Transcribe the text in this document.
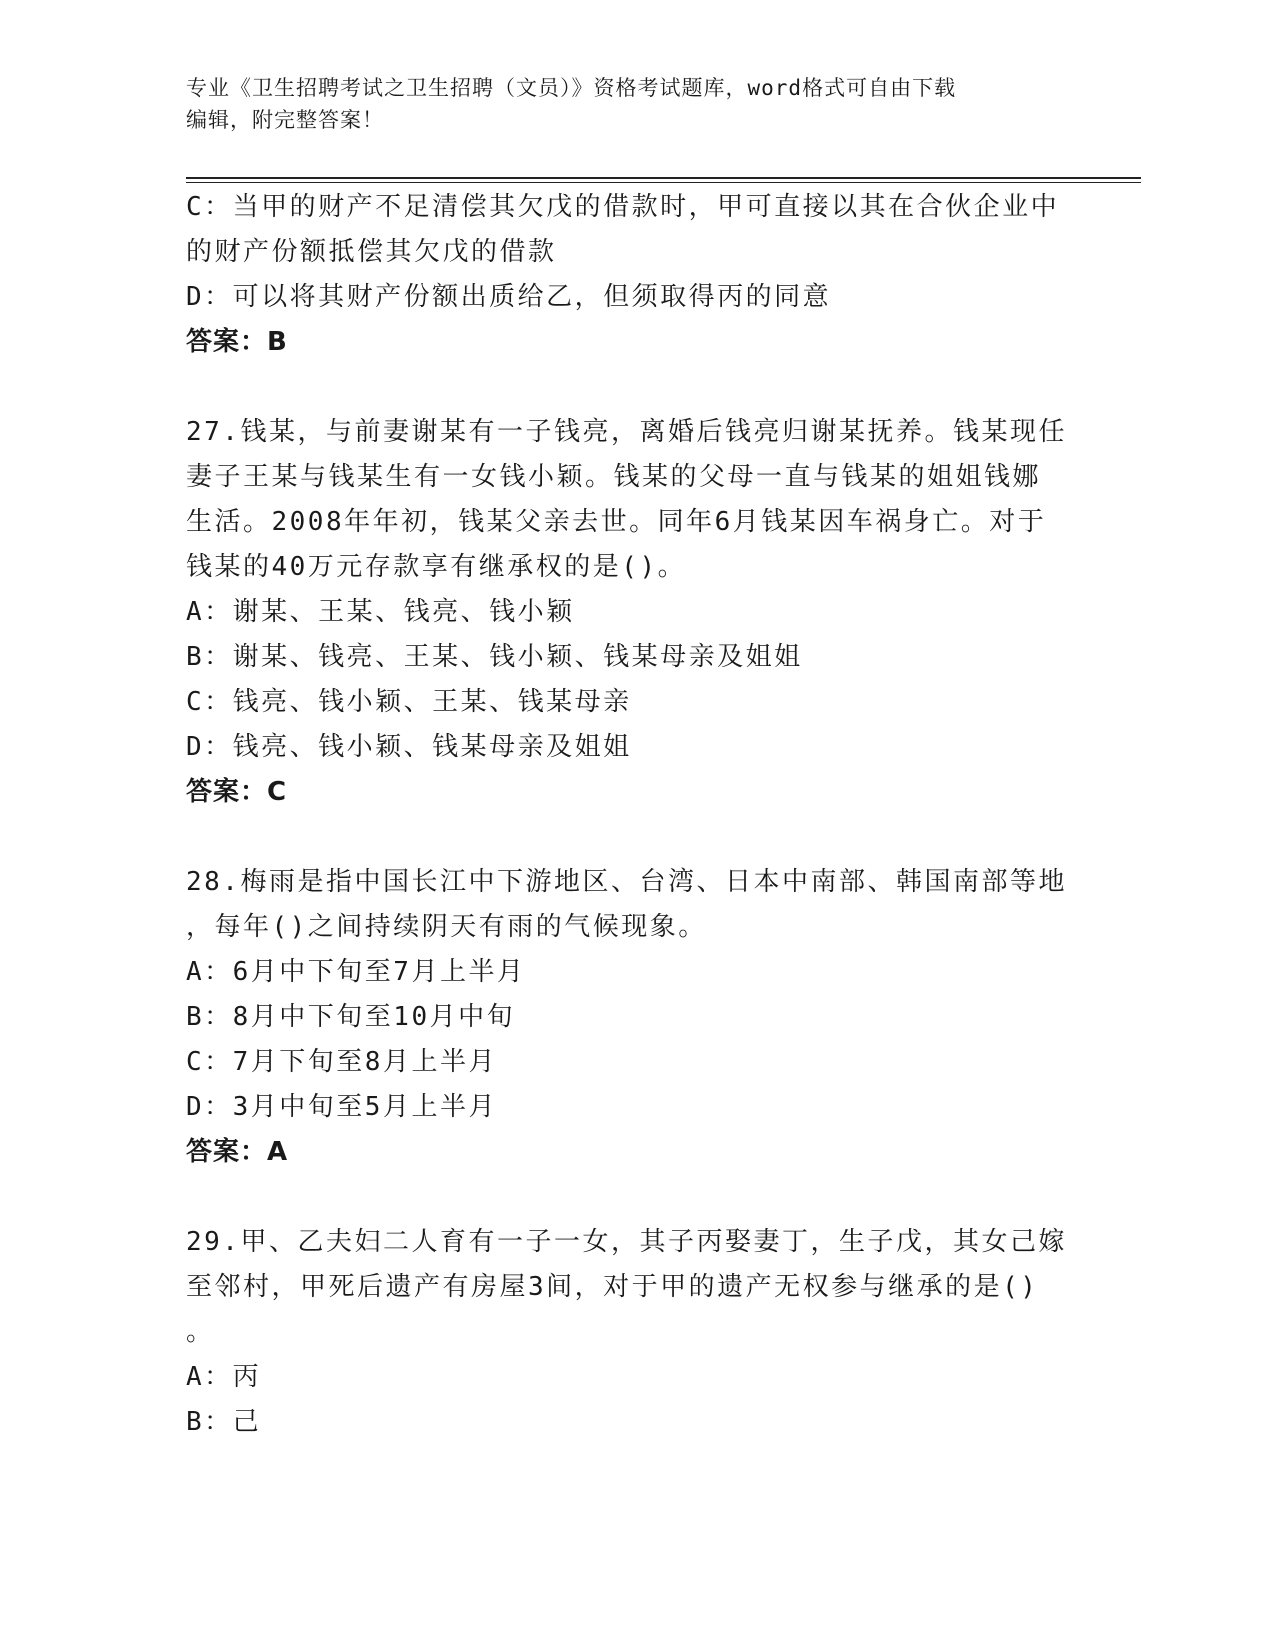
专业《卫生招聘考试之卫生招聘（文员）》资格考试题库，word格式可自由下载
编辑，附完整答案！
C：当甲的财产不足清偿其欠戊的借款时，甲可直接以其在合伙企业中
的财产份额抵偿其欠戊的借款
D：可以将其财产份额出质给乙，但须取得丙的同意
答案：B
27.钱某，与前妻谢某有一子钱亮，离婚后钱亮归谢某抚养。钱某现任
妻子王某与钱某生有一女钱小颖。钱某的父母一直与钱某的姐姐钱娜
生活。2008年年初，钱某父亲去世。同年6月钱某因车祸身亡。对于
钱某的40万元存款享有继承权的是()。
A：谢某、王某、钱亮、钱小颖
B：谢某、钱亮、王某、钱小颖、钱某母亲及姐姐
C：钱亮、钱小颖、王某、钱某母亲
D：钱亮、钱小颖、钱某母亲及姐姐
答案：C
28.梅雨是指中国长江中下游地区、台湾、日本中南部、韩国南部等地
，每年()之间持续阴天有雨的气候现象。
A：6月中下旬至7月上半月
B：8月中下旬至10月中旬
C：7月下旬至8月上半月
D：3月中旬至5月上半月
答案：A
29.甲、乙夫妇二人育有一子一女，其子丙娶妻丁，生子戊，其女己嫁
至邻村，甲死后遗产有房屋3间，对于甲的遗产无权参与继承的是()
。
A：丙
B：己
